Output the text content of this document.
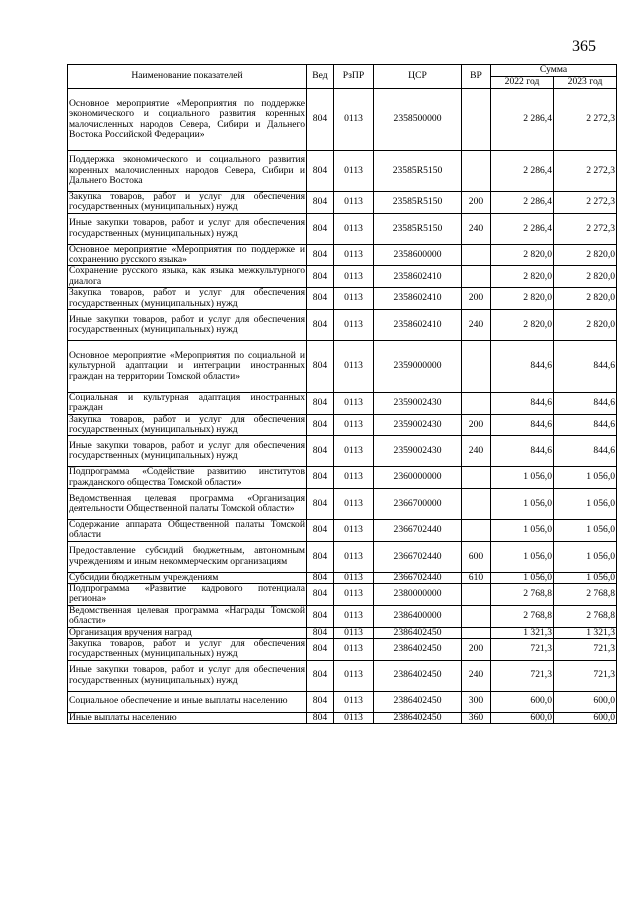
365
Наименование показателей	Вед	РзПР	ЦСР	ВР	Сумма	
					2022 год	2023 год
Основное мероприятие «Мероприятия по поддержке экономического и социального развития коренных малочисленных народов Севера, Сибири и Дальнего Востока Российской Федерации»	804	0113	2358500000		2 286,4	2 272,3
Поддержка экономического и социального развития коренных малочисленных народов Севера, Сибири и Дальнего Востока	804	0113	23585R5150		2 286,4	2 272,3
Закупка товаров, работ и услуг для обеспечения государственных (муниципальных) нужд	804	0113	23585R5150	200	2 286,4	2 272,3
Иные закупки товаров, работ и услуг для обеспечения государственных (муниципальных) нужд	804	0113	23585R5150	240	2 286,4	2 272,3
Основное мероприятие «Мероприятия по поддержке и сохранению русского языка»	804	0113	2358600000		2 820,0	2 820,0
Сохранение русского языка, как языка межкультурного диалога	804	0113	2358602410		2 820,0	2 820,0
Закупка товаров, работ и услуг для обеспечения государственных (муниципальных) нужд	804	0113	2358602410	200	2 820,0	2 820,0
Иные закупки товаров, работ и услуг для обеспечения государственных (муниципальных) нужд	804	0113	2358602410	240	2 820,0	2 820,0
Основное мероприятие «Мероприятия по социальной и культурной адаптации и интеграции иностранных граждан на территории Томской области»	804	0113	2359000000		844,6	844,6
Социальная и культурная адаптация иностранных граждан	804	0113	2359002430		844,6	844,6
Закупка товаров, работ и услуг для обеспечения государственных (муниципальных) нужд	804	0113	2359002430	200	844,6	844,6
Иные закупки товаров, работ и услуг для обеспечения государственных (муниципальных) нужд	804	0113	2359002430	240	844,6	844,6
Подпрограмма «Содействие развитию институтов гражданского общества Томской области»	804	0113	2360000000		1 056,0	1 056,0
Ведомственная целевая программа «Организация деятельности Общественной палаты Томской области»	804	0113	2366700000		1 056,0	1 056,0
Содержание аппарата Общественной палаты Томской области	804	0113	2366702440		1 056,0	1 056,0
Предоставление субсидий бюджетным, автономным учреждениям и иным некоммерческим организациям	804	0113	2366702440	600	1 056,0	1 056,0
Субсидии бюджетным учреждениям	804	0113	2366702440	610	1 056,0	1 056,0
Подпрограмма «Развитие кадрового потенциала региона»	804	0113	2380000000		2 768,8	2 768,8
Ведомственная целевая программа «Награды Томской области»	804	0113	2386400000		2 768,8	2 768,8
Организация вручения наград	804	0113	2386402450		1 321,3	1 321,3
Закупка товаров, работ и услуг для обеспечения государственных (муниципальных) нужд	804	0113	2386402450	200	721,3	721,3
Иные закупки товаров, работ и услуг для обеспечения государственных (муниципальных) нужд	804	0113	2386402450	240	721,3	721,3
Социальное обеспечение и иные выплаты населению	804	0113	2386402450	300	600,0	600,0
Иные выплаты населению	804	0113	2386402450	360	600,0	600,0
